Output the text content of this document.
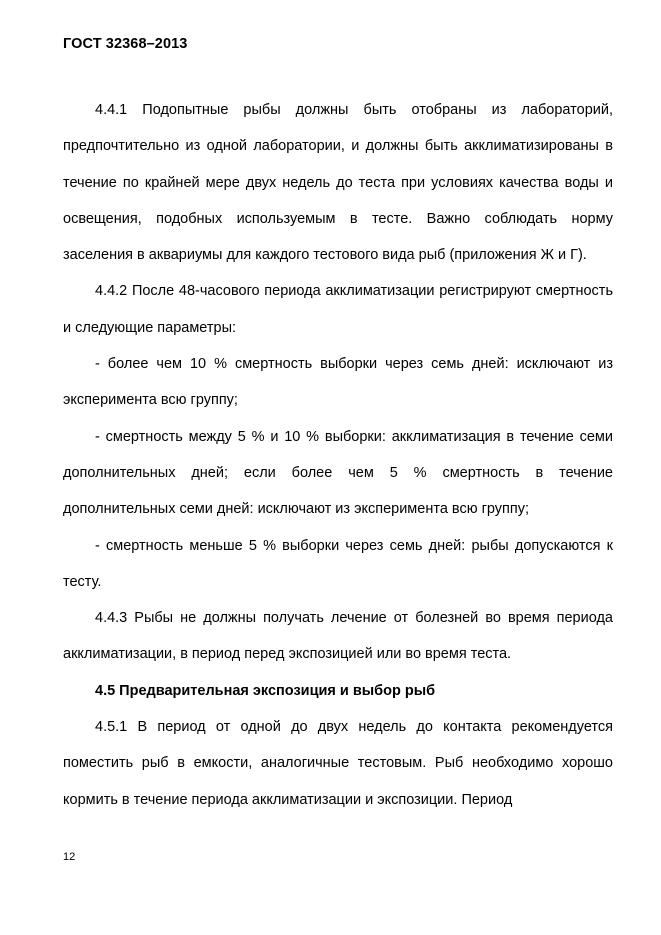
ГОСТ 32368–2013

4.4.1 Подопытные рыбы должны быть отобраны из лабораторий, предпочтительно из одной лаборатории, и должны быть акклиматизированы в течение по крайней мере двух недель до теста при условиях качества воды и освещения, подобных используемым в тесте. Важно соблюдать норму заселения в аквариумы для каждого тестового вида рыб (приложения Ж и Г).

4.4.2 После 48-часового периода акклиматизации регистрируют смертность и следующие параметры:

- более чем 10 % смертность выборки через семь дней: исключают из эксперимента всю группу;

- смертность между 5 % и 10 % выборки: акклиматизация в течение семи дополнительных дней; если более чем 5 % смертность в течение дополнительных семи дней: исключают из эксперимента всю группу;

- смертность меньше 5 % выборки через семь дней: рыбы допускаются к тесту.

4.4.3 Рыбы не должны получать лечение от болезней во время периода акклиматизации, в период перед экспозицией или во время теста.

4.5 Предварительная экспозиция и выбор рыб

4.5.1 В период от одной до двух недель до контакта рекомендуется поместить рыб в емкости, аналогичные тестовым. Рыб необходимо хорошо кормить в течение периода акклиматизации и экспозиции. Период

12
